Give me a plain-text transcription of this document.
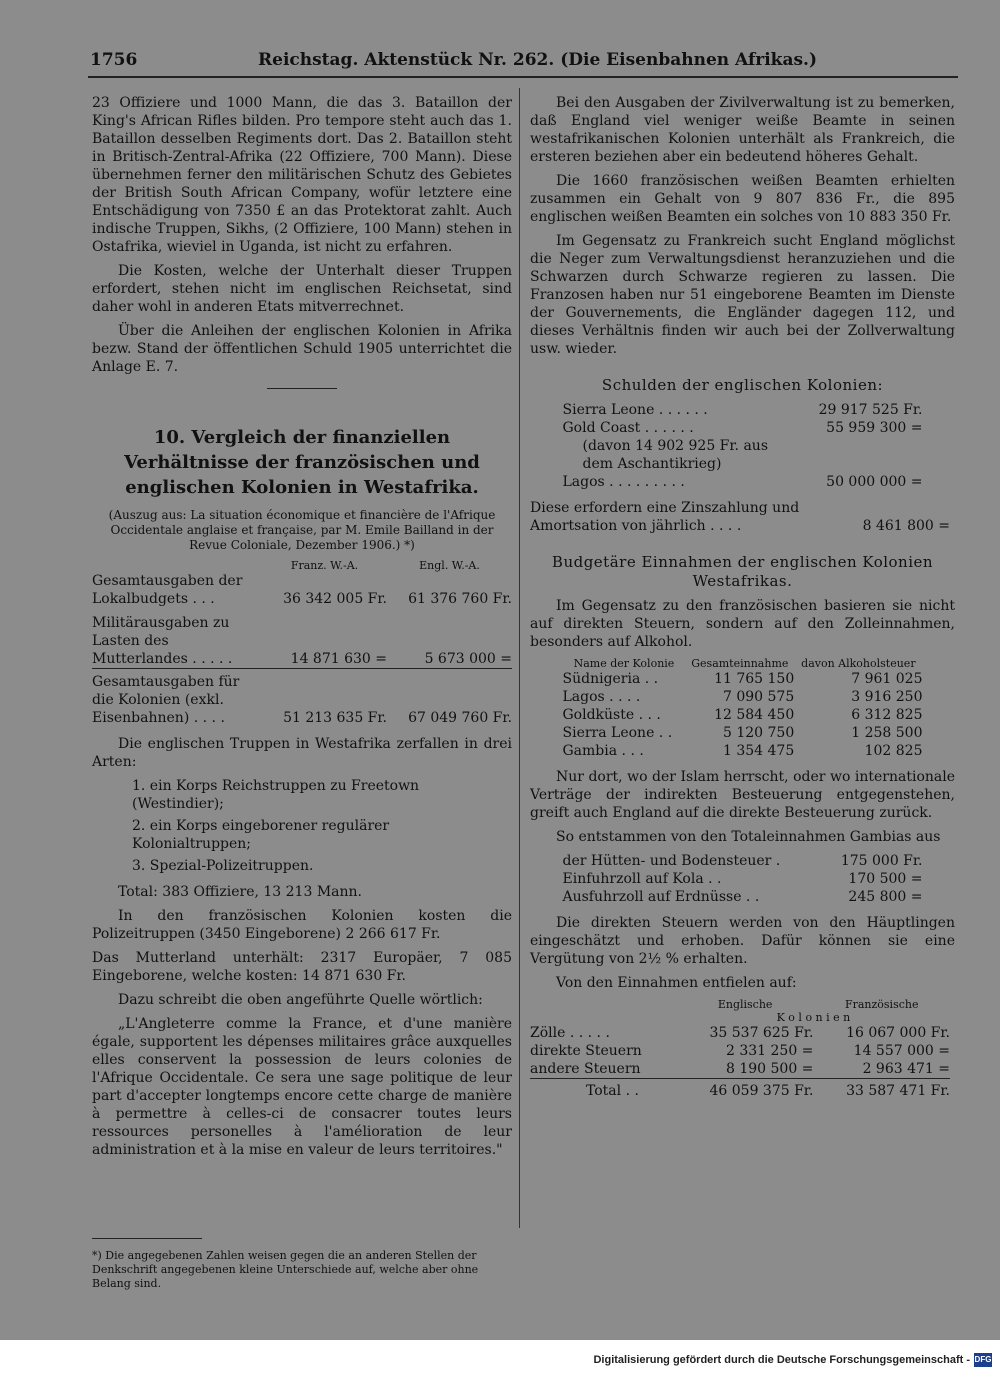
1756	Reichstag. Aktenstück Nr. 262. (Die Eisenbahnen Afrikas.)

23 Offiziere und 1000 Mann, die das 3. Bataillon der King's African Rifles bilden. Pro tempore steht auch das 1. Bataillon desselben Regiments dort. Das 2. Bataillon steht in Britisch-Zentral-Afrika (22 Offiziere, 700 Mann). Diese übernehmen ferner den militärischen Schutz des Gebietes der British South African Company, wofür letztere eine Entschädigung von 7350 £ an das Protektorat zahlt. Auch indische Truppen, Sikhs, (2 Offiziere, 100 Mann) stehen in Ostafrika, wieviel in Uganda, ist nicht zu erfahren.

Die Kosten, welche der Unterhalt dieser Truppen erfordert, stehen nicht im englischen Reichsetat, sind daher wohl in anderen Etats mitverrechnet.

Über die Anleihen der englischen Kolonien in Afrika bezw. Stand der öffentlichen Schuld 1905 unterrichtet die Anlage E. 7.

10. Vergleich der finanziellen Verhältnisse der französischen und englischen Kolonien in Westafrika.

(Auszug aus: La situation économique et financière de l'Afrique Occidentale anglaise et française, par M. Emile Bailland in der Revue Coloniale, Dezember 1906.) *)

	Franz. W.-A.	Engl. W.-A.
Gesamtausgaben der Lokalbudgets . . .	36 342 005 Fr.	61 376 760 Fr.
Militärausgaben zu Lasten des Mutterlandes . . . . .	14 871 630 =	5 673 000 =
Gesamtausgaben für die Kolonien (exkl. Eisenbahnen) . . . .	51 213 635 Fr.	67 049 760 Fr.

Die englischen Truppen in Westafrika zerfallen in drei Arten:

1. ein Korps Reichstruppen zu Freetown (Westindier);
2. ein Korps eingeborener regulärer Kolonialtruppen;
3. Spezial-Polizeitruppen.

Total: 383 Offiziere, 13 213 Mann.

In den französischen Kolonien kosten die Polizeitruppen (3450 Eingeborene) 2 266 617 Fr.

Das Mutterland unterhält: 2317 Europäer, 7 085 Eingeborene, welche kosten: 14 871 630 Fr.

Dazu schreibt die oben angeführte Quelle wörtlich:

„L'Angleterre comme la France, et d'une manière égale, supportent les dépenses militaires grâce auxquelles elles conservent la possession de leurs colonies de l'Afrique Occidentale. Ce sera une sage politique de leur part d'accepter longtemps encore cette charge de manière à permettre à celles-ci de consacrer toutes leurs ressources personelles à l'amélioration de leur administration et à la mise en valeur de leurs territoires."

*) Die angegebenen Zahlen weisen gegen die an anderen Stellen der Denkschrift angegebenen kleine Unterschiede auf, welche aber ohne Belang sind.

Bei den Ausgaben der Zivilverwaltung ist zu bemerken, daß England viel weniger weiße Beamte in seinen westafrikanischen Kolonien unterhält als Frankreich, die ersteren beziehen aber ein bedeutend höheres Gehalt.

Die 1660 französischen weißen Beamten erhielten zusammen ein Gehalt von 9 807 836 Fr., die 895 englischen weißen Beamten ein solches von 10 883 350 Fr.

Im Gegensatz zu Frankreich sucht England möglichst die Neger zum Verwaltungsdienst heranzuziehen und die Schwarzen durch Schwarze regieren zu lassen. Die Franzosen haben nur 51 eingeborene Beamten im Dienste der Gouvernements, die Engländer dagegen 112, und dieses Verhältnis finden wir auch bei der Zollverwaltung usw. wieder.

Schulden der englischen Kolonien:
Sierra Leone . . . . . .	29 917 525 Fr.
Gold Coast . . . . . .	55 959 300 =
(davon 14 902 925 Fr. aus dem Aschantikrieg)	
Lagos . . . . . . . . .	50 000 000 =
Diese erfordern eine Zinszahlung und Amortsation von jährlich . . . .	8 461 800 =
Budgetäre Einnahmen der englischen Kolonien Westafrikas.

Im Gegensatz zu den französischen basieren sie nicht auf direkten Steuern, sondern auf den Zolleinnahmen, besonders auf Alkohol.

Name der Kolonie	Gesamteinnahme	davon Alkoholsteuer
Südnigeria . .	11 765 150	7 961 025
Lagos . . . .	7 090 575	3 916 250
Goldküste . . .	12 584 450	6 312 825
Sierra Leone . .	5 120 750	1 258 500
Gambia . . .	1 354 475	102 825

Nur dort, wo der Islam herrscht, oder wo internationale Verträge der indirekten Besteuerung entgegenstehen, greift auch England auf die direkte Besteuerung zurück.

So entstammen von den Totaleinnahmen Gambias aus

der Hütten- und Bodensteuer .	175 000 Fr.
Einfuhrzoll auf Kola . .	170 500 =
Ausfuhrzoll auf Erdnüsse . .	245 800 =

Die direkten Steuern werden von den Häuptlingen eingeschätzt und erhoben. Dafür können sie eine Vergütung von 2½ % erhalten.

Von den Einnahmen entfielen auf:

	Englische	Französische
	K o l o n i e n	
Zölle . . . . .	35 537 625 Fr.	16 067 000 Fr.
direkte Steuern	2 331 250 =	14 557 000 =
andere Steuern	8 190 500 =	2 963 471 =
Total . .	46 059 375 Fr.	33 587 471 Fr.
Digitalisierung gefördert durch die Deutsche Forschungsgemeinschaft - DFG
